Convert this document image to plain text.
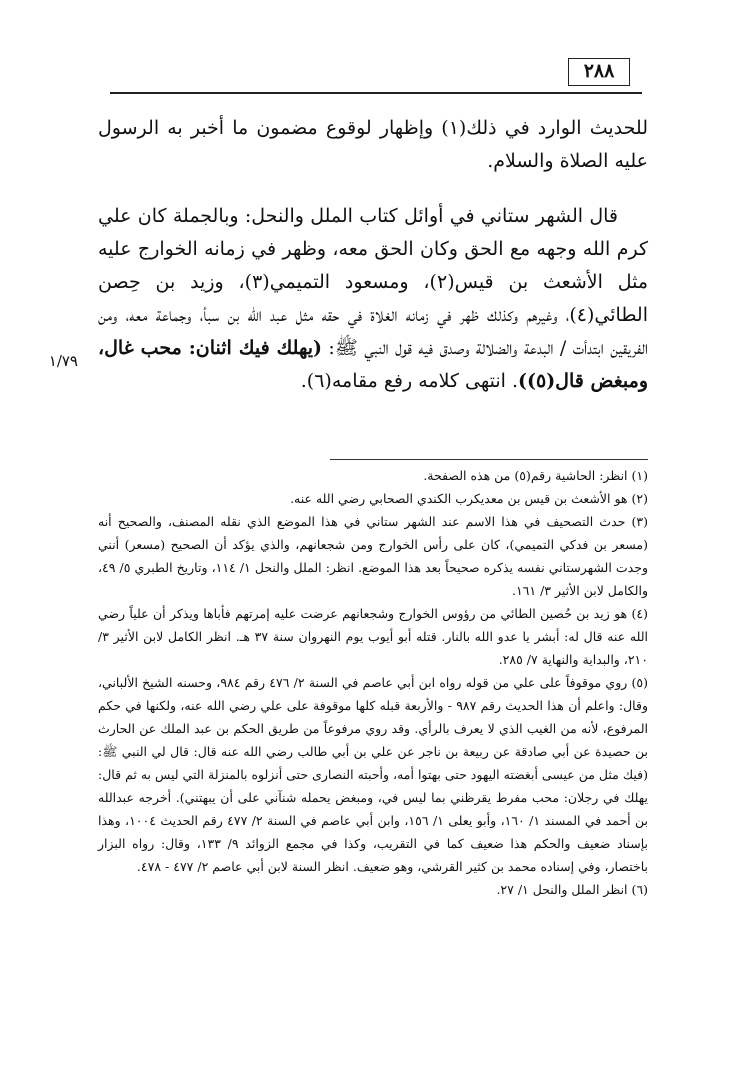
٢٨٨
للحديث الوارد في ذلك(١) وإظهار لوقوع مضمون ما أخبر به الرسول عليه الصلاة والسلام.
قال الشهر ستاني في أوائل كتاب الملل والنحل: وبالجملة كان علي كرم الله وجهه مع الحق وكان الحق معه، وظهر في زمانه الخوارج عليه مثل الأشعث بن قيس(٢)، ومسعود التميمي(٣)، وزيد بن حِصن الطائي(٤)، وغيرهم وكذلك ظهر في زمانه الغلاة في حقه مثل عبد الله بن سبأ، وجماعة معه، ومن الفريقين ابتدأت / البدعة والضلالة وصدق فيه قول النبي ﷺ: (يهلك فيك اثنان: محب غال، ومبغض قال(٥)). انتهى كلامه رفع مقامه(٦).
١/٧٩

(١) انظر: الحاشية رقم(٥) من هذه الصفحة.

(٢) هو الأشعث بن قيس بن معديكرب الكندي الصحابي رضي الله عنه.

(٣) حدث التصحيف في هذا الاسم عند الشهر ستاني في هذا الموضع الذي نقله المصنف، والصحيح أنه (مسعر بن فدكي التميمي)، كان على رأس الخوارج ومن شجعانهم، والذي يؤكد أن الصحيح (مسعر) أنني وجدت الشهرستاني نفسه يذكره صحيحاً بعد هذا الموضع. انظر: الملل والنحل ١/ ١١٤، وتاريخ الطبري ٥/ ٤٩، والكامل لابن الأثير ٣/ ١٦١.

(٤) هو زيد بن حُصين الطائي من رؤوس الخوارج وشجعانهم عرضت عليه إمرتهم فأباها ويذكر أن علياً رضي الله عنه قال له: أبشر يا عدو الله بالنار. قتله أبو أيوب يوم النهروان سنة ٣٧ هـ. انظر الكامل لابن الأثير ٣/ ٢١٠، والبداية والنهاية ٧/ ٢٨٥.

(٥) روي موقوفاً على علي من قوله رواه ابن أبي عاصم في السنة ٢/ ٤٧٦ رقم ٩٨٤، وحسنه الشيخ الألباني، وقال: واعلم أن هذا الحديث رقم ٩٨٧ - والأربعة قبله كلها موقوفة على علي رضي الله عنه، ولكنها في حكم المرفوع، لأنه من الغيب الذي لا يعرف بالرأي. وقد روي مرفوعاً من طريق الحكم بن عبد الملك عن الحارث بن حصيدة عن أبي صادقة عن ربيعة بن ناجر عن علي بن أبي طالب رضي الله عنه قال: قال لي النبي ﷺ: (فيك مثل من عيسى أبغضته اليهود حتى بهتوا أمه، وأحبته النصارى حتى أنزلوه بالمنزلة التي ليس به ثم قال: يهلك في رجلان: محب مفرط يقرظني بما ليس في، ومبغض يحمله شنآني على أن يبهتني). أخرجه عبدالله بن أحمد في المسند ١/ ١٦٠، وأبو يعلى ١/ ١٥٦، وابن أبي عاصم في السنة ٢/ ٤٧٧ رقم الحديث ١٠٠٤، وهذا بإسناد ضعيف والحكم هذا ضعيف كما في التقريب، وكذا في مجمع الزوائد ٩/ ١٣٣، وقال: رواه البزار باختصار، وفي إسناده محمد بن كثير القرشي، وهو ضعيف. انظر السنة لابن أبي عاصم ٢/ ٤٧٧ - ٤٧٨.

(٦) انظر الملل والنحل ١/ ٢٧.
